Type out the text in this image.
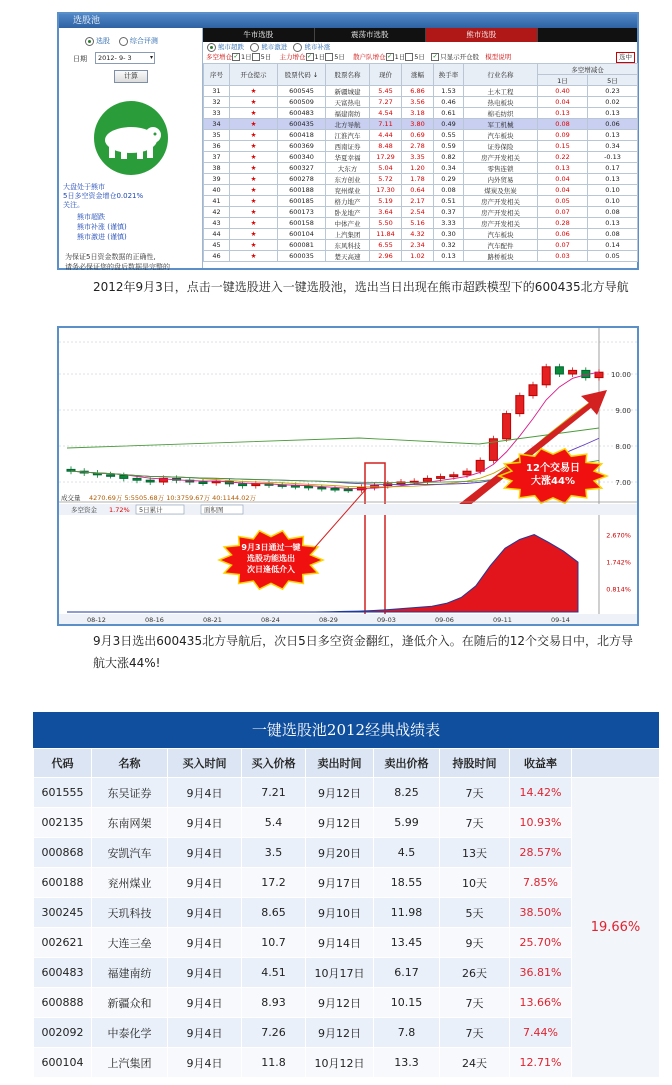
选股池
选股	综合评测
日期	2012- 9- 3	▾
计算
大盘处于熊市
5日多空资金增仓0.021%
关注。
熊市超跌
熊市补涨 (谨慎)
熊市激进 (谨慎)
为保证5日资金数据的正确性,
请务必保证您的盘后数据是完整的
牛市选股	震荡市选股	熊市选股
熊市超跌	熊市激进	熊市补涨
多空增仓✓ 1日 5日 主力增仓✓ 1日 5日 散户队增仓✓ 1日 5日 ✓ 只显示开仓股 模型说明	选中
序号	开仓提示	股票代码 ↓	股票名称	现价	涨幅	换手率	行业名称	多空增减仓	
								1日	5日
31	★	600545	新疆城建	5.45	6.86	1.53	土木工程	0.40	0.23
32	★	600509	天富热电	7.27	3.56	0.46	热电板块	0.04	0.02
33	★	600483	福建南纺	4.54	3.18	0.61	棉毛纺织	0.13	0.13
34	★	600435	北方导航	7.11	3.80	0.49	军工机械	0.08	0.06
35	★	600418	江淮汽车	4.44	0.69	0.55	汽车板块	0.09	0.13
36	★	600369	西南证券	8.48	2.78	0.59	证券保险	0.15	0.34
37	★	600340	华夏幸福	17.29	3.35	0.82	房产开发相关	0.22	-0.13
38	★	600327	大东方	5.04	1.20	0.34	零售连锁	0.13	0.17
39	★	600278	东方创业	5.72	1.78	0.29	内外贸易	0.04	0.13
40	★	600188	兖州煤业	17.30	0.64	0.08	煤炭及焦炭	0.04	0.10
41	★	600185	格力地产	5.19	2.17	0.51	房产开发相关	0.05	0.10
42	★	600173	卧龙地产	3.64	2.54	0.37	房产开发相关	0.07	0.08
43	★	600158	中体产业	5.50	5.16	3.33	房产开发相关	0.28	0.13
44	★	600104	上汽集团	11.84	4.32	0.30	汽车板块	0.06	0.08
45	★	600081	东风科技	6.55	2.34	0.32	汽车配件	0.07	0.14
46	★	600035	楚天高速	2.96	1.02	0.13	路桥板块	0.03	0.05
2012年9月3日，点击一键选股进入一键选股池，选出当日出现在熊市超跌模型下的600435北方导航
10.00
9.00
8.00
7.00
12个交易日
大涨44%
成交量 4270.69万 5:5505.68万 10:3759.67万 40:1144.02万
多空资金 1.72% 5日累计	面积图
2.670%
1.742%
0.814%
9月3日通过一键
选股功能选出
次日逢低介入
08-12	08-16	08-21	08-24	08-29	09-03	09-06	09-11	09-14
9月3日选出600435北方导航后，次日5日多空资金翻红，逢低介入。在随后的12个交易日中，北方导航大涨44%!
一键选股池2012经典战绩表
代码	名称	买入时间	买入价格	卖出时间	卖出价格	持股时间	收益率	
601555	东吴证券	9月4日	7.21	9月12日	8.25	7天	14.42%	19.66%
002135	东南网架	9月4日	5.4	9月12日	5.99	7天	10.93%	
000868	安凯汽车	9月4日	3.5	9月20日	4.5	13天	28.57%	
600188	兖州煤业	9月4日	17.2	9月17日	18.55	10天	7.85%	
300245	天玑科技	9月4日	8.65	9月10日	11.98	5天	38.50%	
002621	大连三垒	9月4日	10.7	9月14日	13.45	9天	25.70%	
600483	福建南纺	9月4日	4.51	10月17日	6.17	26天	36.81%	
600888	新疆众和	9月4日	8.93	9月12日	10.15	7天	13.66%	
002092	中泰化学	9月4日	7.26	9月12日	7.8	7天	7.44%	
600104	上汽集团	9月4日	11.8	10月12日	13.3	24天	12.71%	
